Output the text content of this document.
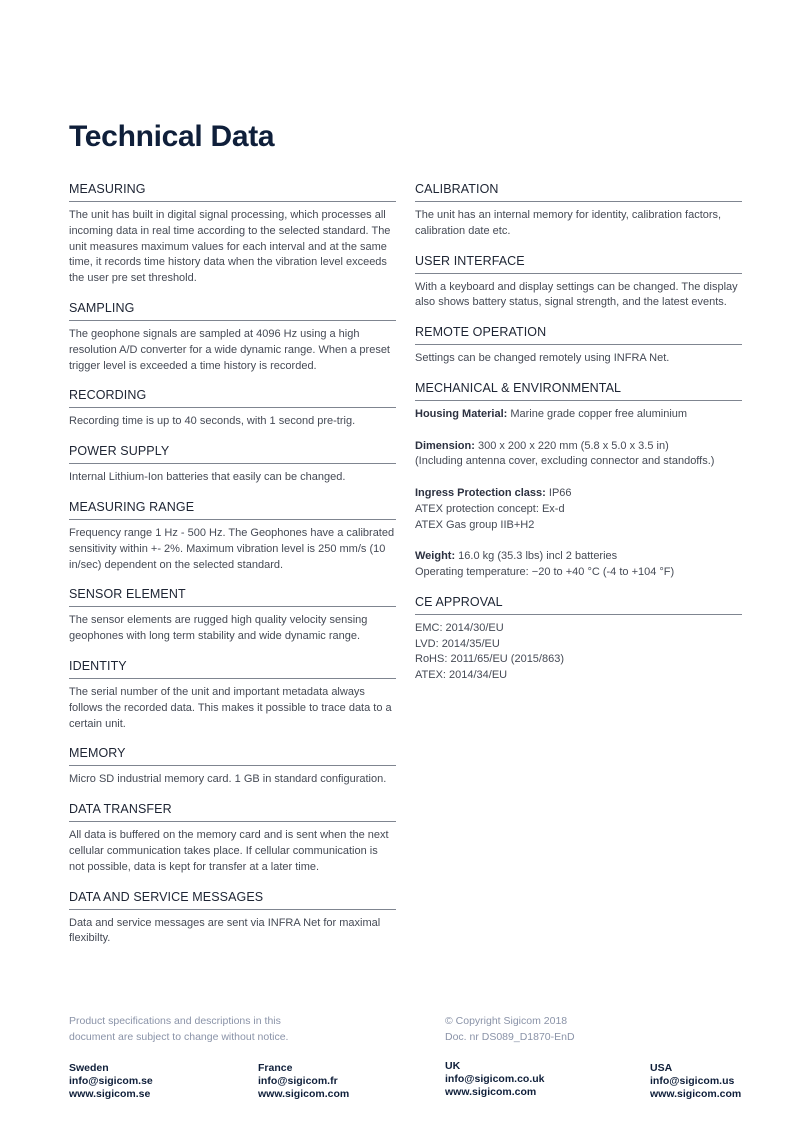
Technical Data
MEASURING

The unit has built in digital signal processing, which processes all incoming data in real time according to the selected standard. The unit measures maximum values for each interval and at the same time, it records time history data when the vibration level exceeds the user pre set threshold.

SAMPLING

The geophone signals are sampled at 4096 Hz using a high resolution A/D converter for a wide dynamic range. When a preset trigger level is exceeded a time history is recorded.

RECORDING

Recording time is up to 40 seconds, with 1 second pre-trig.

POWER SUPPLY

Internal Lithium-Ion batteries that easily can be changed.

MEASURING RANGE

Frequency range 1 Hz - 500 Hz. The Geophones have a calibrated sensitivity within +- 2%. Maximum vibration level is 250 mm/s (10 in/sec) dependent on the selected standard.

SENSOR ELEMENT

The sensor elements are rugged high quality velocity sensing geophones with long term stability and wide dynamic range.

IDENTITY

The serial number of the unit and important metadata always follows the recorded data. This makes it possible to trace data to a certain unit.

MEMORY

Micro SD industrial memory card. 1 GB in standard configuration.

DATA TRANSFER

All data is buffered on the memory card and is sent when the next cellular communication takes place. If cellular communication is not possible, data is kept for transfer at a later time.

DATA AND SERVICE MESSAGES

Data and service messages are sent via INFRA Net for maximal flexibilty.

CALIBRATION

The unit has an internal memory for identity, calibration factors, calibration date etc.

USER INTERFACE

With a keyboard and display settings can be changed. The display also shows battery status, signal strength, and the latest events.

REMOTE OPERATION

Settings can be changed remotely using INFRA Net.

MECHANICAL & ENVIRONMENTAL

Housing Material: Marine grade copper free aluminium

Dimension: 300 x 200 x 220 mm (5.8 x 5.0 x 3.5 in)
(Including antenna cover, excluding connector and standoffs.)

Ingress Protection class: IP66
ATEX protection concept: Ex-d
ATEX Gas group IIB+H2

Weight: 16.0 kg (35.3 lbs) incl 2 batteries
Operating temperature: −20 to +40 °C (-4 to +104 °F)

CE APPROVAL
EMC: 2014/30/EU
LVD: 2014/35/EU
RoHS: 2011/65/EU (2015/863)
ATEX: 2014/34/EU
Product specifications and descriptions in this
document are subject to change without notice.
© Copyright Sigicom 2018
Doc. nr DS089_D1870-EnD
Sweden
info@sigicom.se
www.sigicom.se
France
info@sigicom.fr
www.sigicom.com
UK
info@sigicom.co.uk
www.sigicom.com
USA
info@sigicom.us
www.sigicom.com
